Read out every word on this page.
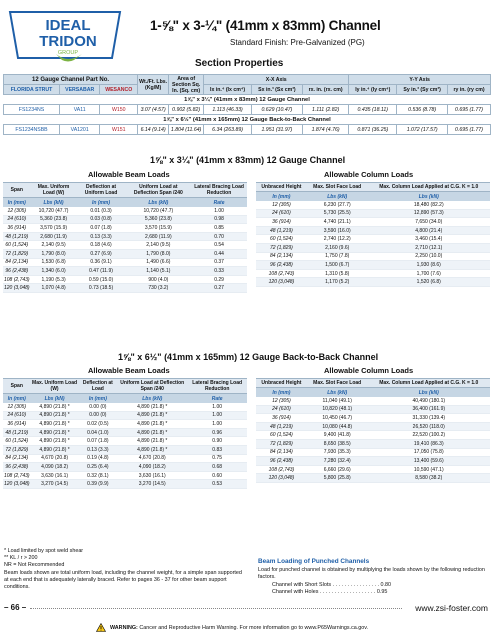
IDEAL
TRIDON
GROUP
1-⅝" x 3-¼" (41mm x 83mm) Channel
Standard Finish: Pre-Galvanized (PG)
Section Properties
12 Gauge Channel Part No.			Wt./Ft. Lbs. (Kg/M)	Area of Section Sq. In. (Sq. cm)	X-X Axis			Y-Y Axis		
FLORIDA STRUT	VERSABAR	WESANCO			Ix in.⁴ (Ix cm⁴)	Sx in.³ (Sx cm³)	rx. in. (rx. cm)	Iy in.⁴ (Iy cm⁴)	Sy in.³ (Sy cm³)	ry in. (ry cm)
1⅝" x 3¼" (41mm x 83mm) 12 Gauge Channel										
FS1234NS	VA11	W150	3.07 (4.57)	0.902 (5.82)	1.113 (46.33)	0.629 (10.47)	1.111 (2.82)	0.435 (18.11)	0.536 (8.78)	0.695 (1.77)
1⅝" x 6½" (41mm x 165mm) 12 Gauge Back-to-Back Channel										
FS1234NSBB	VA1201	W151	6.14 (9.14)	1.804 (11.64)	6.34 (263.89)	1.951 (31.97)	1.874 (4.76)	0.871 (36.25)	1.072 (17.57)	0.695 (1.77)
1⅝" x 3¼" (41mm x 83mm) 12 Gauge Channel
Allowable Beam Loads	Allowable Column Loads
Span	Max. Uniform Load (W)	Deflection at Uniform Load	Uniform Load at Deflection Span /240	Lateral Bracing Load Reduction
In (mm)	Lbs (kN)	In (mm)	Lbs (kN)	Rate
12 (305)	10,720 (47.7)	0.01 (0.3)	10,720 (47.7)	1.00
24 (610)	5,360 (23.8)	0.03 (0.8)	5,360 (23.8)	0.98
36 (914)	3,570 (15.9)	0.07 (1.8)	3,570 (15.9)	0.85
48 (1,219)	2,680 (11.9)	0.13 (3.3)	2,680 (11.9)	0.70
60 (1,524)	2,140 (9.5)	0.18 (4.6)	2,140 (9.5)	0.54
72 (1,829)	1,790 (8.0)	0.27 (6.9)	1,790 (8.0)	0.44
84 (2,134)	1,530 (6.8)	0.36 (9.1)	1,490 (6.6)	0.37
96 (2,438)	1,340 (6.0)	0.47 (11.9)	1,140 (5.1)	0.33
108 (2,743)	1,190 (5.3)	0.59 (15.0)	900 (4.0)	0.29
120 (3,048)	1,070 (4.8)	0.73 (18.5)	730 (3.2)	0.27
Unbraced Height	Max. Slot Face Load	Max. Column Load Applied at C.G. K = 1.0
In (mm)	Lbs (kN)	Lbs (kN)
12 (305)	6,230 (27.7)	18,480 (82.2)
24 (610)	5,730 (25.5)	12,890 (57.3)
36 (914)	4,740 (21.1)	7,650 (34.0)
48 (1,219)	3,590 (16.0)	4,800 (21.4)
60 (1,524)	2,740 (12.2)	3,460 (15.4)
72 (1,829)	2,160 (9.6)	2,710 (12.1)
84 (2,134)	1,750 (7.8)	2,250 (10.0)
96 (2,438)	1,500 (6.7)	1,930 (8.6)
108 (2,743)	1,310 (5.8)	1,700 (7.6)
120 (3,048)	1,170 (5.2)	1,520 (6.8)
1⅝" x 6½" (41mm x 165mm) 12 Gauge Back-to-Back Channel
Allowable Beam Loads	Allowable Column Loads
Span	Max. Uniform Load (W)	Deflection at Load	Uniform Load at Deflection Span /240	Lateral Bracing Load Reduction
In (mm)	Lbs (kN)	In (mm)	Lbs (kN)	Rate
12 (305)	4,890 (21.8) *	0.00 (0)	4,890 (21.8) *	1.00
24 (610)	4,890 (21.8) *	0.00 (0)	4,890 (21.8) *	1.00
36 (914)	4,890 (21.8) *	0.02 (0.5)	4,890 (21.8) *	1.00
48 (1,219)	4,890 (21.8) *	0.04 (1.0)	4,890 (21.8) *	0.96
60 (1,524)	4,890 (21.8) *	0.07 (1.8)	4,890 (21.8) *	0.90
72 (1,829)	4,890 (21.8) *	0.13 (3.3)	4,890 (21.8) *	0.83
84 (2,134)	4,670 (20.8)	0.19 (4.8)	4,670 (20.8)	0.75
96 (2,438)	4,090 (18.2)	0.25 (6.4)	4,090 (18.2)	0.68
108 (2,743)	3,630 (16.1)	0.32 (8.1)	3,630 (16.1)	0.60
120 (3,048)	3,270 (14.5)	0.39 (9.9)	3,270 (14.5)	0.53
Unbraced Height	Max. Slot Face Load	Max. Column Load Applied at C.G. K = 1.0
In (mm)	Lbs (kN)	Lbs (kN)
12 (305)	11,040 (49.1)	40,490 (180.1)
24 (610)	10,820 (48.1)	36,400 (161.9)
36 (914)	10,450 (46.7)	31,330 (139.4)
48 (1,219)	10,080 (44.8)	26,520 (118.0)
60 (1,524)	9,400 (41.8)	22,520 (100.2)
72 (1,829)	8,650 (38.5)	19,410 (86.3)
84 (2,134)	7,930 (35.3)	17,050 (75.8)
96 (2,438)	7,280 (32.4)	13,400 (59.6)
108 (2,743)	6,660 (29.6)	10,590 (47.1)
120 (3,048)	5,800 (25.8)	8,580 (38.2)
* Load limited by spot weld shear
** KL / r > 200
NR = Not Recommended
Beam loads shown are total uniform load, including the channel weight, for a simple span supported at each end that is adequately laterally braced. Refer to pages 36 - 37 for other beam support conditions.
Beam Loading of Punched Channels
Load for punched channel is obtained by multiplying the loads shown by the following reduction factors.
Channel with Short Slots . . . . . . . . . . . . . . . . 0.80
Channel with Holes . . . . . . . . . . . . . . . . . . . 0.95
– 66 –	www.zsi-foster.com
WARNING: Cancer and Reproductive Harm Warning. For more information go to www.P65Warnings.ca.gov.
